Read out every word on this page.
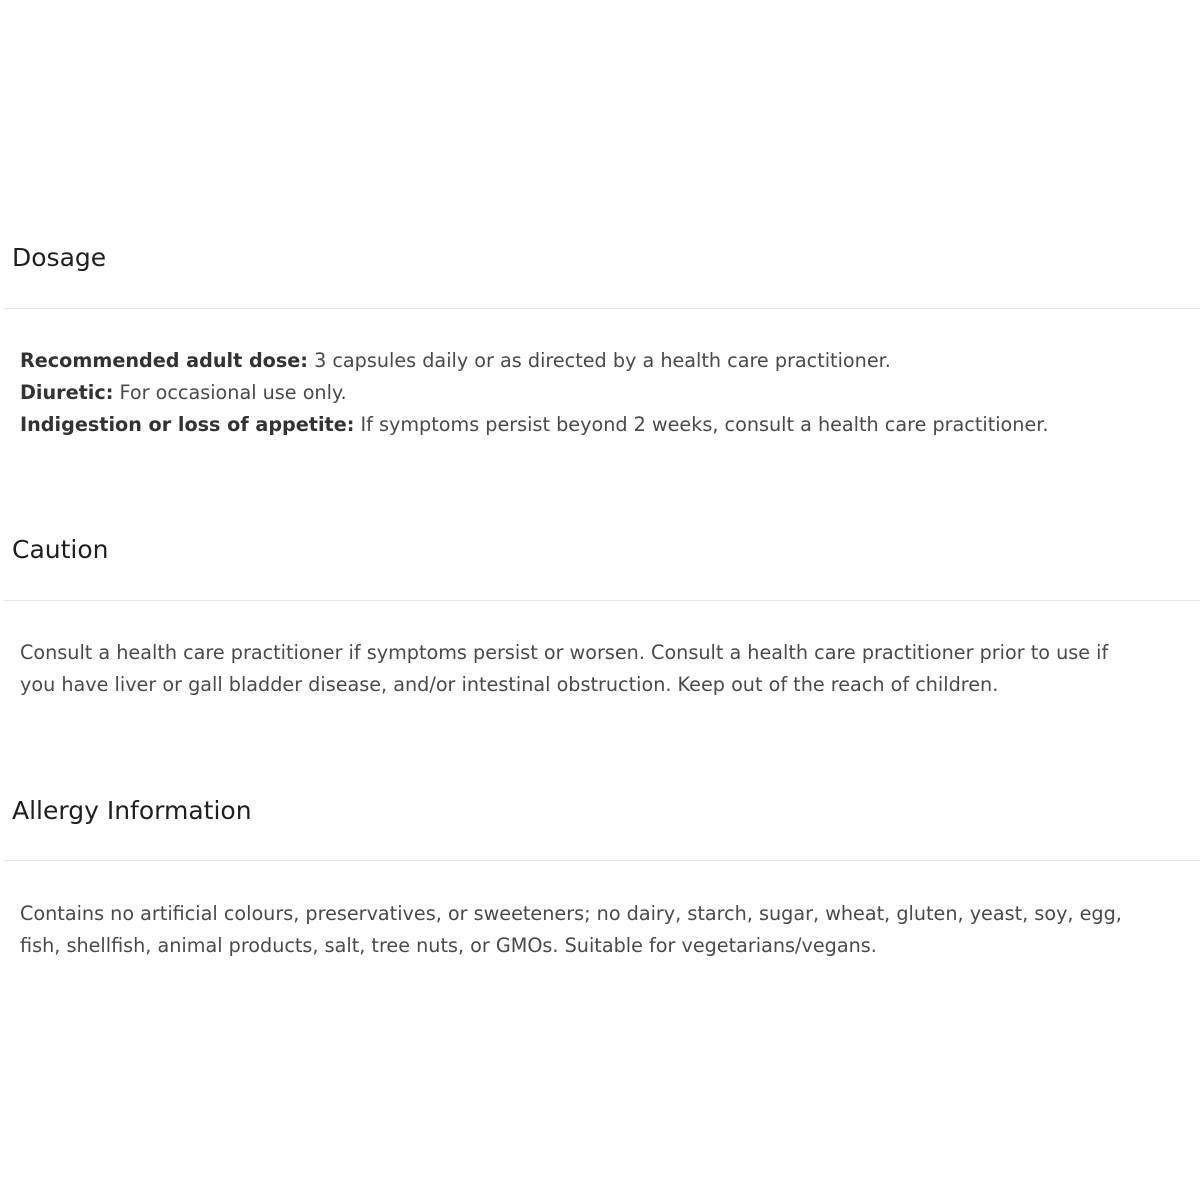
Dosage
Recommended adult dose: 3 capsules daily or as directed by a health care practitioner.
Diuretic: For occasional use only.
Indigestion or loss of appetite: If symptoms persist beyond 2 weeks, consult a health care practitioner.
Caution
Consult a health care practitioner if symptoms persist or worsen. Consult a health care practitioner prior to use if
you have liver or gall bladder disease, and/or intestinal obstruction. Keep out of the reach of children.
Allergy Information
Contains no artificial colours, preservatives, or sweeteners; no dairy, starch, sugar, wheat, gluten, yeast, soy, egg,
fish, shellfish, animal products, salt, tree nuts, or GMOs. Suitable for vegetarians/vegans.
